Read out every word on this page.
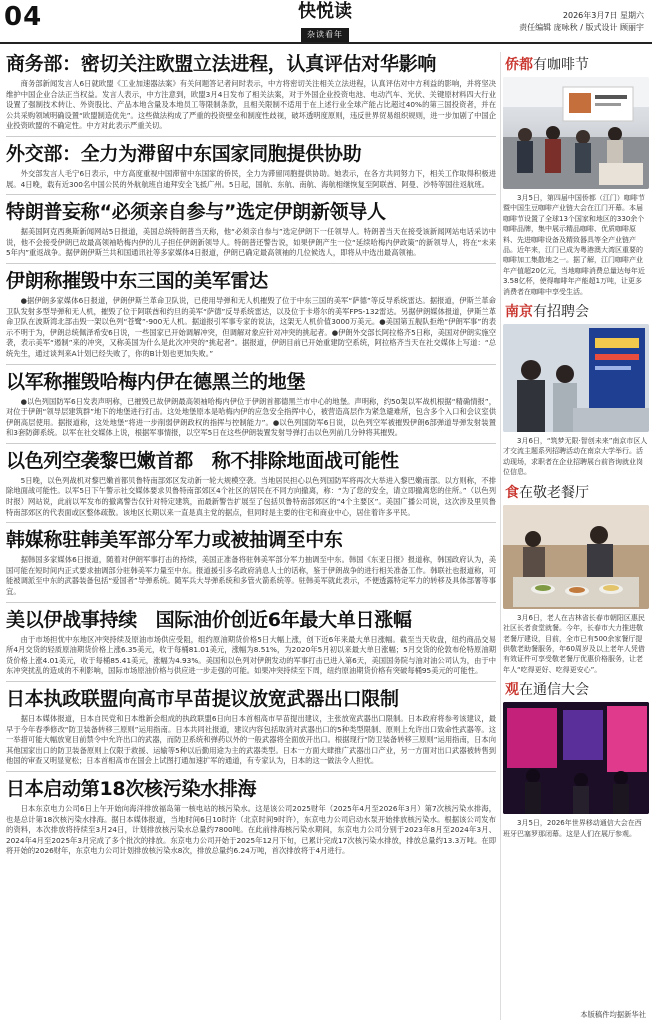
04	快悦读
杂读看年
2026年3月7日 星期六
责任编辑 庞咏秋 / 版式设计 顾丽宇
商务部：密切关注欧盟立法进程，认真评估对华影响

商务部新闻发言人6日就欧盟《工业加速器法案》有关问题答记者问时表示，中方将密切关注相关立法进程，认真评估对中方利益的影响，并将坚决维护中国企业合法正当权益。发言人表示，中方注意到，欧盟3月4日发布了相关法案，对于外国企业投资电池、电动汽车、光伏、关键原材料四大行业设置了强制技术转让、外资股比、产品本地含量及本地员工等限制条款，且相关限制不适用于在上述行业全球产能占比超过40%的第三国投资者，并在公共采购领域明确设置“欧盟制造优先”。这些做法构成了严重的投资壁垒和制度性歧视，破坏透明度原则，违反世界贸易组织规则，进一步加剧了中国企业投资欧盟的不确定性。中方对此表示严重关切。

外交部：全力为滞留中东国家同胞提供协助

外交部发言人毛宁6日表示，中方高度重视中国滞留中东国家的侨民，全力为滞留同胞提供协助。她表示，在各方共同努力下，相关工作取得积极进展。4日晚，载有近300名中国公民的外航航班自迪拜安全飞抵广州。5日起，国航、东航、南航、海航相继恢复至阿联酋、阿曼、沙特等国往返航班。

特朗普妄称“必须亲自参与”选定伊朗新领导人

据美国阿克西奥斯新闻网站5日报道，美国总统特朗普当天称，他“必须亲自参与”选定伊朗下一任领导人。特朗普当天在接受该新闻网站电话采访中说，他不会接受伊朗已故最高领袖哈梅内伊的儿子担任伊朗新领导人。特朗普还警告说，如果伊朗产生一位“延续哈梅内伊政策”的新领导人，将在“未来5年内”重返战争。据伊朗伊斯兰共和国通讯社等多家媒体4日报道，伊朗已确定最高领袖的几位候选人，即将从中选出最高领袖。

伊朗称摧毁中东三国的美军雷达

●据伊朗多家媒体6日报道，伊朗伊斯兰革命卫队说，已使用导弹和无人机摧毁了位于中东三国的美军“萨德”等反导系统雷达。据报道，伊斯兰革命卫队发射多型导弹和无人机，摧毁了位于阿联酋和约旦的美军“萨德”反导系统雷达，以及位于卡塔尔的美军FPS-132雷达。另据伊朗媒体报道，伊斯兰革命卫队在波斯湾北部击毁一架以色列“苍鹭”-900无人机。据道报引军事专家的说法，这架无人机价值3000万美元。●美国第五舰队拒绝“伊朗军事”的表示不明于为，伊朗总统佩泽希安6日说，一些国家已开始调解冲突，但调解对象应针对冲突的挑起者。●伊朗外交部长阿拉格齐5日称，美国对伊朗实施空袭，表示美军“遏制”来的冲突，又称美国为什么是此次冲突的“挑起者”。据报道，伊朗目前已开始重建防空系统，阿拉格齐当天在社交媒体上写道：“总统先生，通过谈判来A计划已经失败了，你的B计划也更加失败。”

以军称摧毁哈梅内伊在德黑兰的地堡

●以色列国防军6日发表声明称，已摧毁已故伊朗最高领袖哈梅内伊位于伊朗首都德黑兰市中心的地堡。声明称，约50架以军战机根据“精确情报”，对位于伊朗“领导层建筑群”地下的地堡进行打击。这处地堡原本是哈梅内伊的应急安全指挥中心，被营造高层作为紧急避难所，包含多个入口和会议室供伊朗高层使用。据报道称，这处地堡“将进一步削弱伊朗政权的指挥与控制能力”。●以色列国防军6日说，以色列空军被摧毁伊朗6部弹道导弹发射装置和3套防御系统。以军在社交媒体上说，根据军事情报，以空军5日在这些伊朗装置发射导弹打击以色列前几分钟将其摧毁。

以色列空袭黎巴嫩首都　称不排除地面战可能性

5日晚，以色列战机对黎巴嫩首都贝鲁特南部郊区发动新一轮大规模空袭。当地居民担心以色列国防军将再次大举进入黎巴嫩南部。以方则称，不排除地面战可能性。以军5日下午警示社交媒体要求贝鲁特南部郊区4个社区的居民在不同方向撤离，称：“为了您的安全，请立即撤离您的住所。”（以色列时报）网站说，此前以军发布的撤离警告仅针对特定建筑，而最新警告扩展至了包括贝鲁特南部郊区的“4个主要区”。美国广播公司说，这次涉及里贝鲁特南部郊区的代表面或区整体疏散。该地区长期以来一直是真主党的据点，但同时是主要的住宅和商业中心，居住着许多平民。

韩媒称驻韩美军部分军力或被抽调至中东

据韩国多家媒体6日报道，随着对伊朗军事打击的持续，美国正准备将驻韩美军部分军力抽调至中东。韩国《东亚日报》报道称，韩国政府认为，美国可能在短时间内正式要求抽调部分驻韩美军力量至中东。报道援引多名政府消息人士的话称，鉴于伊朗战争的进行相关准备工作。韩联社也报道称，可能被调派至中东的武器装备包括“爱国者”导弹系统。随军兵大导弹系统和多管火箭系统等。驻韩美军就此表示，不便透露特定军力的转移及具体部署等事宜。

美以伊战事持续　国际油价创近6年最大单日涨幅

由于市场担忧中东地区冲突持续及原油市场供应受阻，组约原油期货价格5日大幅上涨，创下近6年来最大单日涨幅。截至当天收盘，纽约商品交易所4月交货的轻质原油期货价格上涨6.35美元，收于每桶81.01美元，涨幅为8.51%，为2020年5月初以来最大单日涨幅；5月交货的伦敦布伦特原油期货价格上涨4.01美元，收于每桶85.41美元，涨幅为4.93%。美国和以色列对伊朗发动的军事打击已进入第6天，美国国务院与油对油公司认为，由于中东冲突扰乱的造成的不利影响，国际市场原油价格与供应进一步走强的可能。如果冲突持续至下周，纽约原油期货价格有突破每桶95美元的可能性。

日本执政联盟向高市早苗提议放宽武器出口限制

据日本媒体报道，日本自民党和日本维新会组成的执政联盟6日向日本首相高市早苗提出建议，主张放宽武器出口限制。日本政府将参考该建议，最早于今年春季修改“防卫装备转移三原则”运用指南。日本共同社报道，建议内容包括取消对武器出口的5种类型限制、原则上允许出口致命性武器等。这一举措可能大幅放宽目前禁令中允许出口的武器，而防卫系统和弹药以外的一般武器将全面放开出口。根据现行“防卫装备转移三原则”运用指南，日本向其他国家出口的防卫装备原则上仅限于救援、运输等5种以后勤用途为主的武器类型。日本一方面大肆推广武器出口产业，另一方面对出口武器被转售到他国的审查又明显宽松；日本首相高市在国会上试图打通加速扩军的通道，有专家认为，日本的这一做法令人担忧。

日本启动第18次核污染水排海

日本东京电力公司6日上午开始向海洋排放福岛第一核电站的核污染水。这是该公司2025财年（2025年4月至2026年3月）第7次核污染水排海，也是总计第18次核污染水排海。据日本媒体报道，当地时间6日10时许（北京时间9时许），东京电力公司启动水泵开始排放核污染水。根据该公司发布的资料，本次排放将持续至3月24日，计划排放核污染水总量约7800吨。在此前排海核污染水期间，东京电力公司分别于2023年8月至2024年3月、2024年4月至2025年3月完成了多个批次的排放。东京电力公司开始于2025年12月下旬，已累计完成17次核污染水排放，排放总量约13.3万吨。在即将开始的2026财年，东京电力公司计划排放核污染水8次，排放总量约6.24万吨，首次排放将于4月进行。

本版稿件均据新华社
侨都有咖啡节
3月5日，第四届中国侨都（江门）咖啡节暨中国生豆咖啡产业链大会在江门开幕。本届咖啡节设置了全球13个国家和地区的330余个咖啡品牌，集中展示精品咖啡、优质咖啡原料、先进咖啡设备及精致器具等全产业链产品。近年来，江门已成为粤港澳大湾区重要的咖啡加工集散地之一。据了解，江门咖啡产业年产值超20亿元，当地咖啡消费总量达每年近3.58亿杯，使得咖啡年产能超1万吨，让更多消费者在咖啡中享受生活。
南京有招聘会
3月6日，“筑梦无限·智创未来”南京市区人才交流主题系列招聘活动在南京大学举行。活动现场，求职者在企业招聘展台前咨询就业岗位信息。
食在敬老餐厅
3月6日，老人在吉林省长春市朝阳区惠民社区长者食堂就餐。今年，长春市大力推进敬老餐厅建设，目前，全市已有500余家餐厅提供敬老助餐服务，年60周岁及以上老年人凭借有效证件可享受敬老餐厅优惠价格服务，让老年人“吃得更好、吃得更安心”。
观在通信大会
3月5日，2026年世界移动通信大会在西班牙巴塞罗那闭幕。这是人们在展厅参观。
